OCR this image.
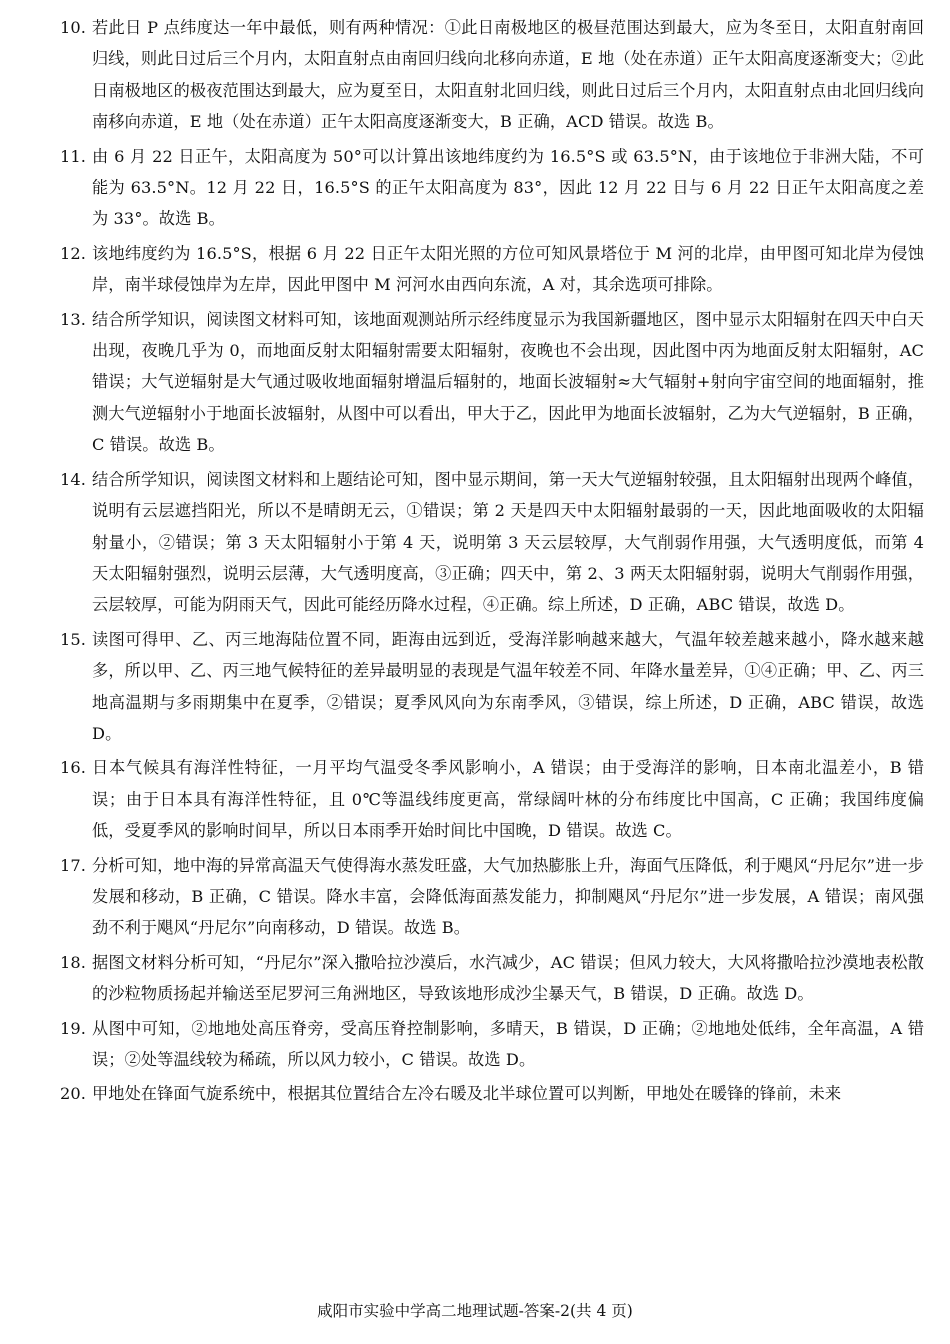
10. 若此日 P 点纬度达一年中最低，则有两种情况：①此日南极地区的极昼范围达到最大，应为冬至日，太阳直射南回归线，则此日过后三个月内，太阳直射点由南回归线向北移向赤道，E 地（处在赤道）正午太阳高度逐渐变大；②此日南极地区的极夜范围达到最大，应为夏至日，太阳直射北回归线，则此日过后三个月内，太阳直射点由北回归线向南移向赤道，E 地（处在赤道）正午太阳高度逐渐变大，B 正确，ACD 错误。故选 B。
11. 由 6 月 22 日正午，太阳高度为 50°可以计算出该地纬度约为 16.5°S 或 63.5°N，由于该地位于非洲大陆，不可能为 63.5°N。12 月 22 日，16.5°S 的正午太阳高度为 83°，因此 12 月 22 日与 6 月 22 日正午太阳高度之差为 33°。故选 B。
12. 该地纬度约为 16.5°S，根据 6 月 22 日正午太阳光照的方位可知风景塔位于 M 河的北岸，由甲图可知北岸为侵蚀岸，南半球侵蚀岸为左岸，因此甲图中 M 河河水由西向东流，A 对，其余选项可排除。
13. 结合所学知识，阅读图文材料可知，该地面观测站所示经纬度显示为我国新疆地区，图中显示太阳辐射在四天中白天出现，夜晚几乎为 0，而地面反射太阳辐射需要太阳辐射，夜晚也不会出现，因此图中丙为地面反射太阳辐射，AC 错误；大气逆辐射是大气通过吸收地面辐射增温后辐射的，地面长波辐射≈大气辐射+射向宇宙空间的地面辐射，推测大气逆辐射小于地面长波辐射，从图中可以看出，甲大于乙，因此甲为地面长波辐射，乙为大气逆辐射，B 正确，C 错误。故选 B。
14. 结合所学知识，阅读图文材料和上题结论可知，图中显示期间，第一天大气逆辐射较强，且太阳辐射出现两个峰值，说明有云层遮挡阳光，所以不是晴朗无云，①错误；第 2 天是四天中太阳辐射最弱的一天，因此地面吸收的太阳辐射量小，②错误；第 3 天太阳辐射小于第 4 天，说明第 3 天云层较厚，大气削弱作用强，大气透明度低，而第 4 天太阳辐射强烈，说明云层薄，大气透明度高，③正确；四天中，第 2、3 两天太阳辐射弱，说明大气削弱作用强，云层较厚，可能为阴雨天气，因此可能经历降水过程，④正确。综上所述，D 正确，ABC 错误，故选 D。
15. 读图可得甲、乙、丙三地海陆位置不同，距海由远到近，受海洋影响越来越大，气温年较差越来越小，降水越来越多，所以甲、乙、丙三地气候特征的差异最明显的表现是气温年较差不同、年降水量差异，①④正确；甲、乙、丙三地高温期与多雨期集中在夏季，②错误；夏季风风向为东南季风，③错误，综上所述，D 正确，ABC 错误，故选 D。
16. 日本气候具有海洋性特征，一月平均气温受冬季风影响小，A 错误；由于受海洋的影响，日本南北温差小，B 错误；由于日本具有海洋性特征，且 0℃等温线纬度更高，常绿阔叶林的分布纬度比中国高，C 正确；我国纬度偏低，受夏季风的影响时间早，所以日本雨季开始时间比中国晚，D 错误。故选 C。
17. 分析可知，地中海的异常高温天气使得海水蒸发旺盛，大气加热膨胀上升，海面气压降低，利于飓风“丹尼尔”进一步发展和移动，B 正确，C 错误。降水丰富，会降低海面蒸发能力，抑制飓风“丹尼尔”进一步发展，A 错误；南风强劲不利于飓风“丹尼尔”向南移动，D 错误。故选 B。
18. 据图文材料分析可知，“丹尼尔”深入撒哈拉沙漠后，水汽减少，AC 错误；但风力较大，大风将撒哈拉沙漠地表松散的沙粒物质扬起并输送至尼罗河三角洲地区，导致该地形成沙尘暴天气，B 错误，D 正确。故选 D。
19. 从图中可知，②地地处高压脊旁，受高压脊控制影响，多晴天，B 错误，D 正确；②地地处低纬，全年高温，A 错误；②处等温线较为稀疏，所以风力较小，C 错误。故选 D。
20. 甲地处在锋面气旋系统中，根据其位置结合左冷右暖及北半球位置可以判断，甲地处在暖锋的锋前，未来
咸阳市实验中学高二地理试题-答案-2(共 4 页)
